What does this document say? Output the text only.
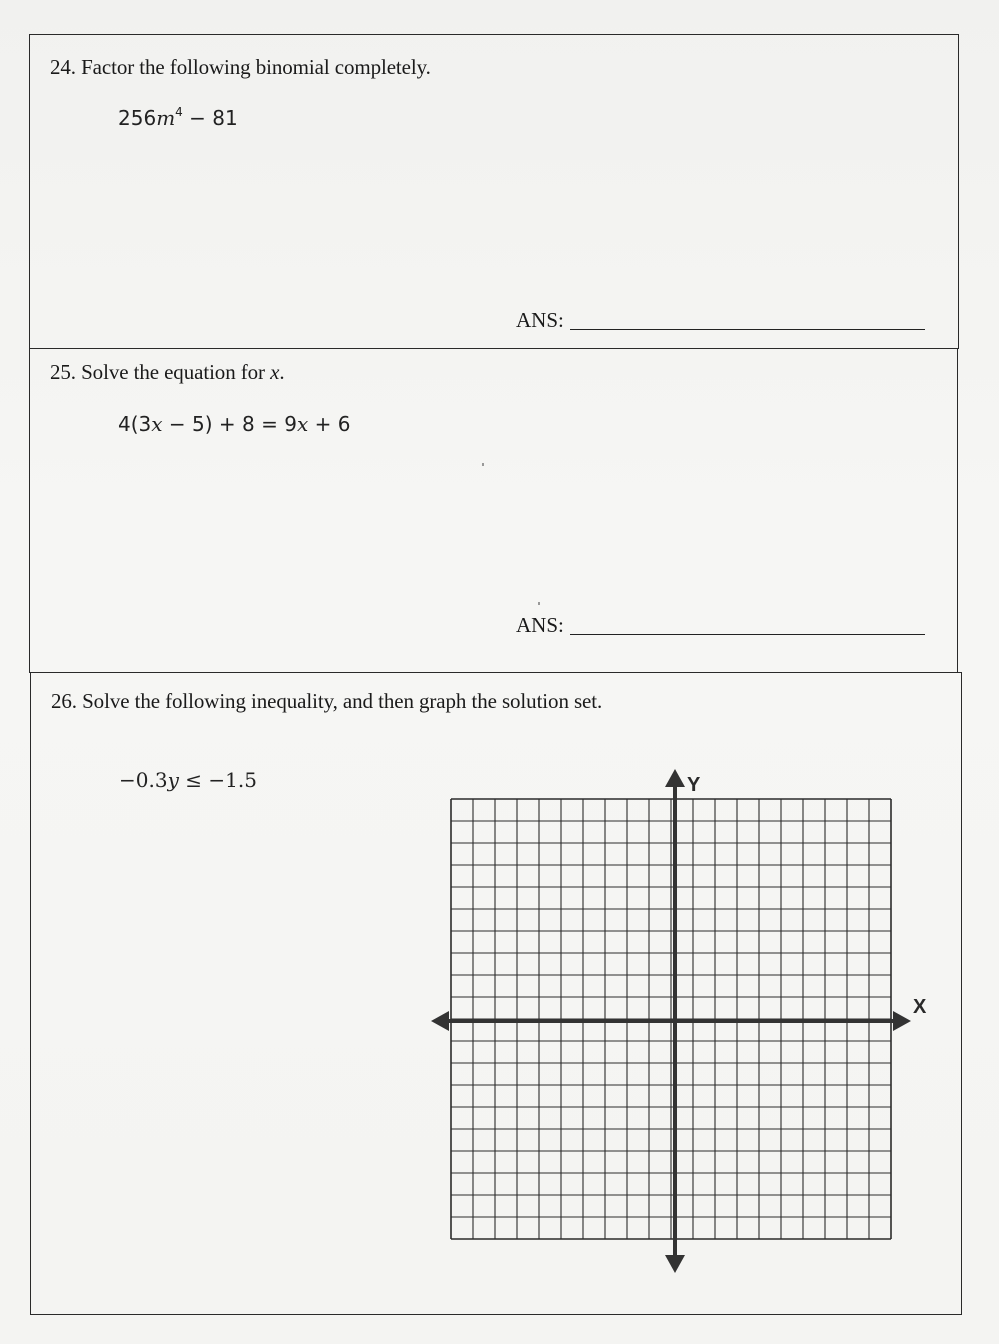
24. Factor the following binomial completely.
$256m^4 - 81$
ANS:
25. Solve the equation for x.
4(3x − 5) + 8 = 9x + 6
ANS:
26. Solve the following inequality, and then graph the solution set.
−0.3y ≤ −1.5
X
Y
